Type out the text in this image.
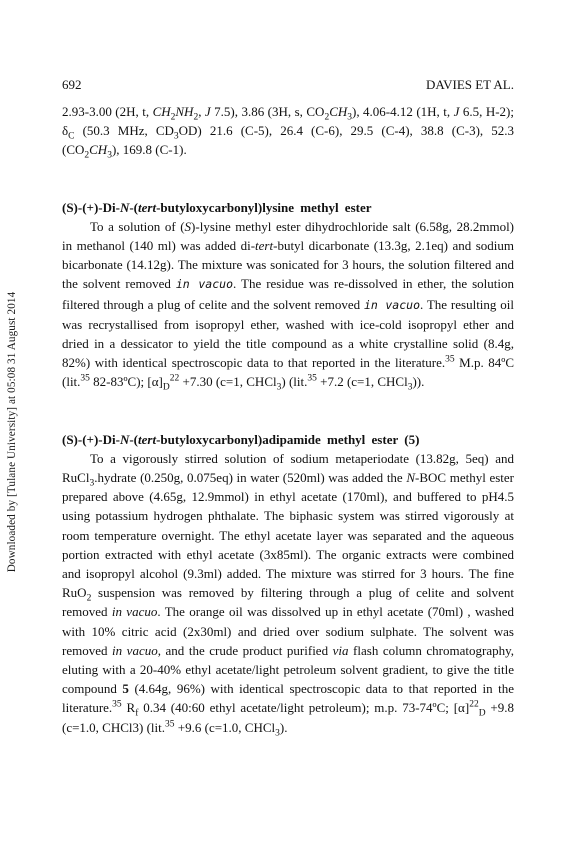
Downloaded by [Tulane University] at 05:08 31 August 2014
692	DAVIES ET AL.

2.93-3.00 (2H, t, $CH_2NH_2$, J 7.5), 3.86 (3H, s, $CO_2CH_3$), 4.06-4.12 (1H, t, J 6.5, H-2); $\delta_C$ (50.3 MHz, $CD_3OD$) 21.6 (C-5), 26.4 (C-6), 29.5 (C-4), 38.8 (C-3), 52.3 $(CO_2CH_3)$, 169.8 (C-1).

(S)-(+)-Di-N-(tert-butyloxycarbonyl)lysine methyl ester

To a solution of (S)-lysine methyl ester dihydrochloride salt (6.58g, 28.2mmol) in methanol (140 ml) was added di-tert-butyl dicarbonate (13.3g, 2.1eq) and sodium bicarbonate (14.12g). The mixture was sonicated for 3 hours, the solution filtered and the solvent removed in vacuo. The residue was re-dissolved in ether, the solution filtered through a plug of celite and the solvent removed in vacuo. The resulting oil was recrystallised from isopropyl ether, washed with ice-cold isopropyl ether and dried in a dessicator to yield the title compound as a white crystalline solid (8.4g, 82%) with identical spectroscopic data to that reported in the literature.$^{35}$ M.p. 84ºC (lit.$^{35}$ 82-83ºC); $[\alpha]_D^{22} +7.30$ (c=1, CHCl$_3$) (lit.$^{35}$ +7.2 (c=1, CHCl$_3$)).

(S)-(+)-Di-N-(tert-butyloxycarbonyl)adipamide methyl ester (5)

To a vigorously stirred solution of sodium metaperiodate (13.82g, 5eq) and RuCl$_3$.hydrate (0.250g, 0.075eq) in water (520ml) was added the N-BOC methyl ester prepared above (4.65g, 12.9mmol) in ethyl acetate (170ml), and buffered to pH4.5 using potassium hydrogen phthalate. The biphasic system was stirred vigorously at room temperature overnight. The ethyl acetate layer was separated and the aqueous portion extracted with ethyl acetate (3x85ml). The organic extracts were combined and isopropyl alcohol (9.3ml) added. The mixture was stirred for 3 hours. The fine RuO$_2$ suspension was removed by filtering through a plug of celite and solvent removed in vacuo. The orange oil was dissolved up in ethyl acetate (70ml) , washed with 10% citric acid (2x30ml) and dried over sodium sulphate. The solvent was removed in vacuo, and the crude product purified via flash column chromatography, eluting with a 20-40% ethyl acetate/light petroleum solvent gradient, to give the title compound 5 (4.64g, 96%) with identical spectroscopic data to that reported in the literature.$^{35}$ $R_f$ 0.34 (40:60 ethyl acetate/light petroleum); m.p. 73-74ºC; $[\alpha]^{22}_D +9.8$ (c=1.0, CHCl3) (lit.$^{35}$ +9.6 (c=1.0, CHCl$_3$).
